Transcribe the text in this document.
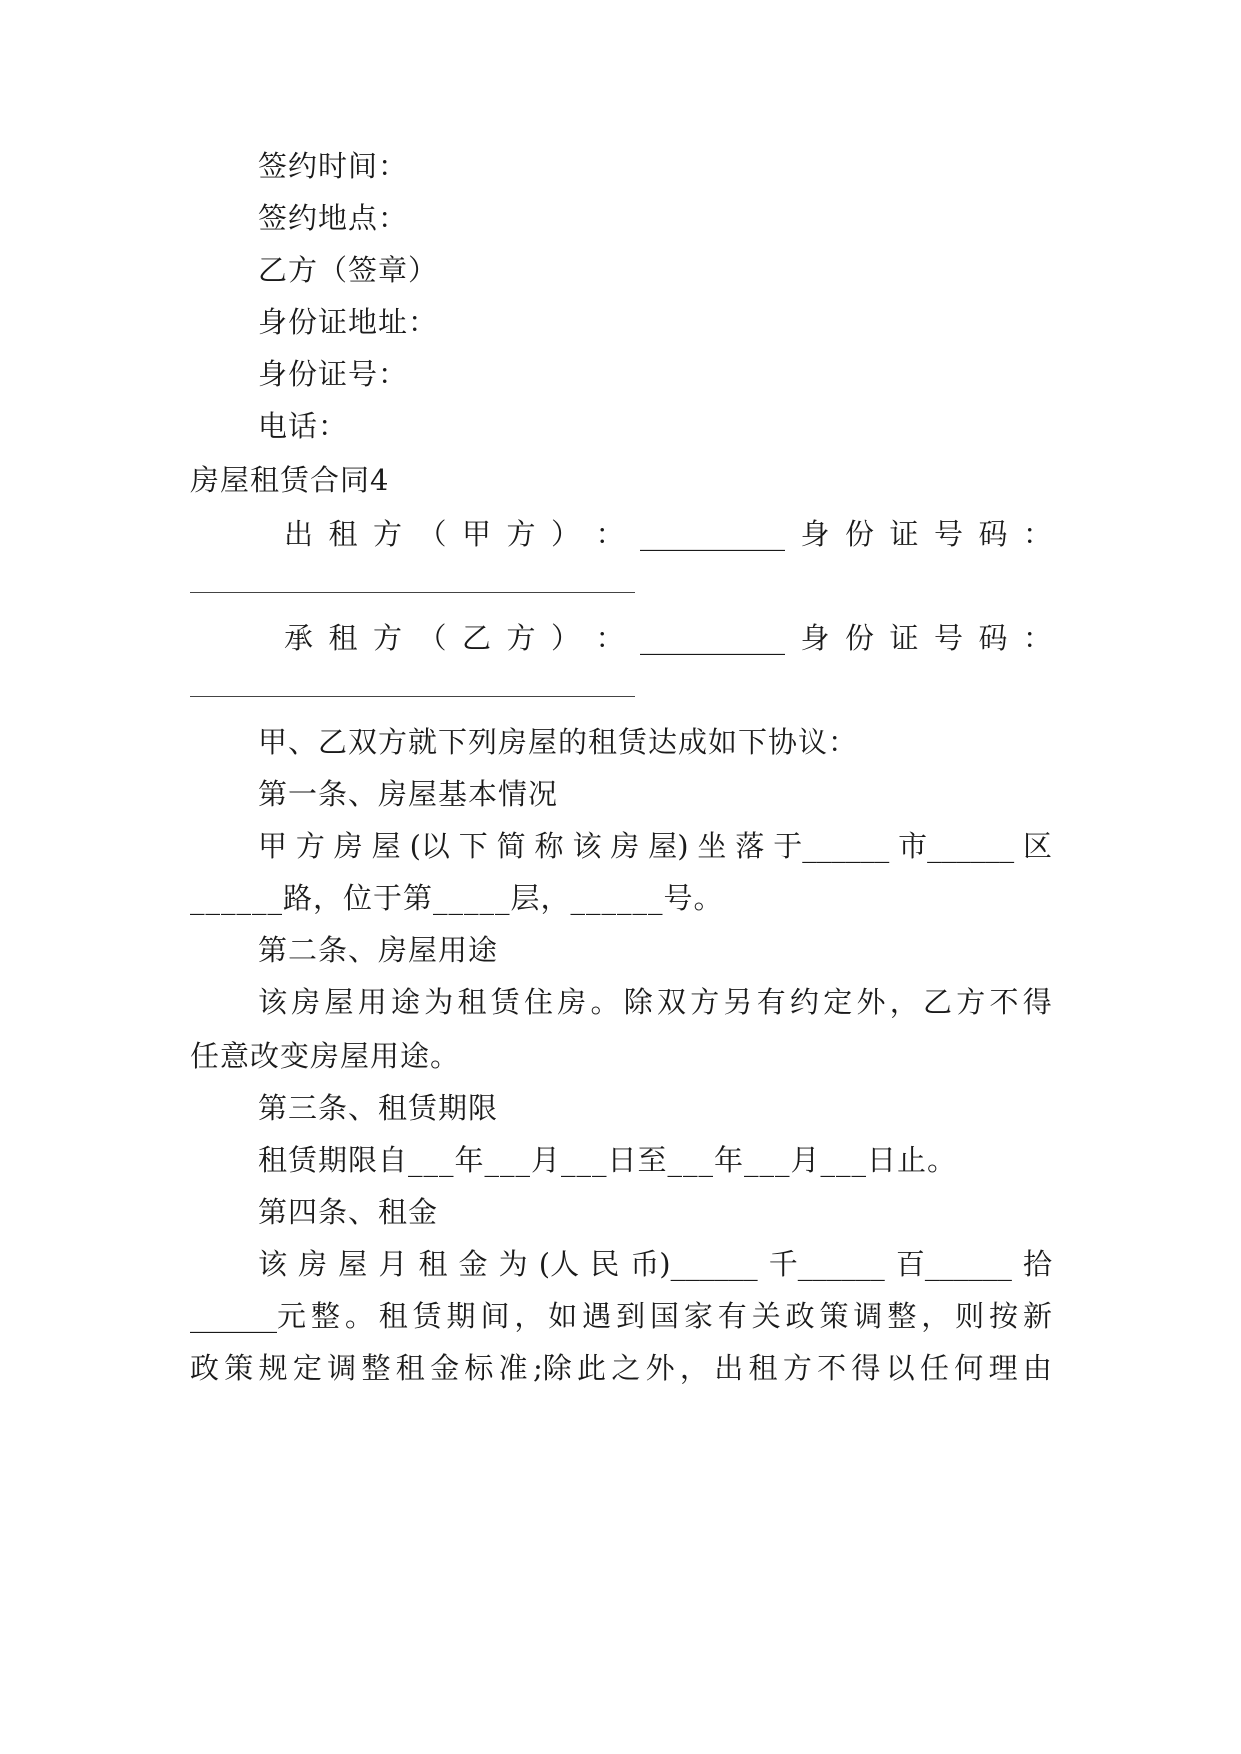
签约时间：
签约地点：
乙方（签章）
身份证地址：
身份证号：
电话：
房屋租赁合同4
出 租 方 （ 甲 方 ） ： __________ 身 份 证 号 码 ：
承 租 方 （ 乙 方 ） ： __________ 身 份 证 号 码 ：
甲、乙双方就下列房屋的租赁达成如下协议：
第一条、房屋基本情况
甲 方 房 屋 (以 下 简 称 该 房 屋) 坐 落 于______ 市______ 区
______路，位于第_____层，______号。
第二条、房屋用途
该 房 屋 用 途 为 租 赁 住 房 。 除 双 方 另 有 约 定 外 ， 乙 方 不 得
任意改变房屋用途。
第三条、租赁期限
租赁期限自___年___月___日至___年___月___日止。
第四条、租金
该 房 屋 月 租 金 为 (人 民 币)______ 千______ 百______ 拾
______元 整 。 租 赁 期 间 ， 如 遇 到 国 家 有 关 政 策 调 整 ， 则 按 新
政 策 规 定 调 整 租 金 标 准 ;除 此 之 外 ， 出 租 方 不 得 以 任 何 理 由
